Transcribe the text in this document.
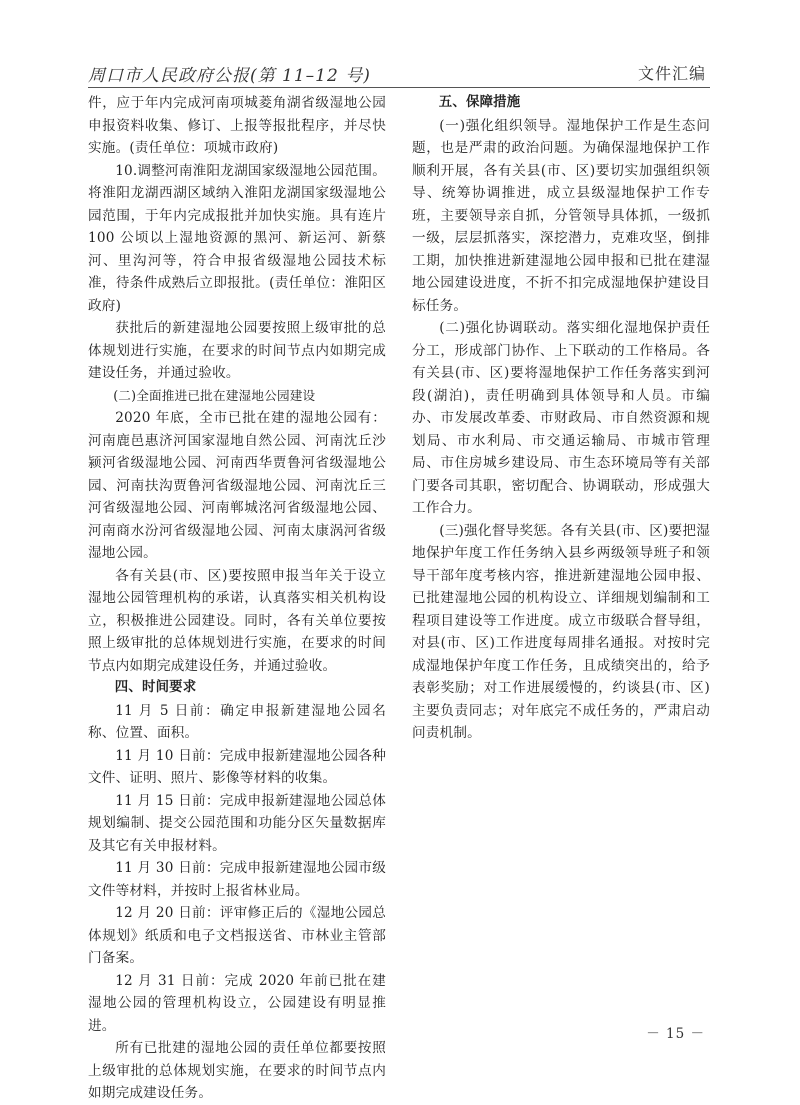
周口市人民政府公报(第 11–12 号)	文件汇编

件，应于年内完成河南项城菱角湖省级湿地公园申报资料收集、修订、上报等报批程序，并尽快实施。(责任单位：项城市政府)

10.调整河南淮阳龙湖国家级湿地公园范围。将淮阳龙湖西湖区域纳入淮阳龙湖国家级湿地公园范围，于年内完成报批并加快实施。具有连片 100 公顷以上湿地资源的黑河、新运河、新蔡河、里沟河等，符合申报省级湿地公园技术标准，待条件成熟后立即报批。(责任单位：淮阳区政府)

获批后的新建湿地公园要按照上级审批的总体规划进行实施，在要求的时间节点内如期完成建设任务，并通过验收。

(二)全面推进已批在建湿地公园建设

2020 年底，全市已批在建的湿地公园有：河南鹿邑惠济河国家湿地自然公园、河南沈丘沙颍河省级湿地公园、河南西华贾鲁河省级湿地公园、河南扶沟贾鲁河省级湿地公园、河南沈丘三河省级湿地公园、河南郸城洺河省级湿地公园、河南商水汾河省级湿地公园、河南太康涡河省级湿地公园。

各有关县(市、区)要按照申报当年关于设立湿地公园管理机构的承诺，认真落实相关机构设立，积极推进公园建设。同时，各有关单位要按照上级审批的总体规划进行实施，在要求的时间节点内如期完成建设任务，并通过验收。

四、时间要求

11 月 5 日前：确定申报新建湿地公园名称、位置、面积。

11 月 10 日前：完成申报新建湿地公园各种文件、证明、照片、影像等材料的收集。

11 月 15 日前：完成申报新建湿地公园总体规划编制、提交公园范围和功能分区矢量数据库及其它有关申报材料。

11 月 30 日前：完成申报新建湿地公园市级文件等材料，并按时上报省林业局。

12 月 20 日前：评审修正后的《湿地公园总体规划》纸质和电子文档报送省、市林业主管部门备案。

12 月 31 日前：完成 2020 年前已批在建湿地公园的管理机构设立，公园建设有明显推进。

所有已批建的湿地公园的责任单位都要按照上级审批的总体规划实施，在要求的时间节点内如期完成建设任务。

五、保障措施

(一)强化组织领导。湿地保护工作是生态问题，也是严肃的政治问题。为确保湿地保护工作顺利开展，各有关县(市、区)要切实加强组织领导、统筹协调推进，成立县级湿地保护工作专班，主要领导亲自抓，分管领导具体抓，一级抓一级，层层抓落实，深挖潜力，克难攻坚，倒排工期，加快推进新建湿地公园申报和已批在建湿地公园建设进度，不折不扣完成湿地保护建设目标任务。

(二)强化协调联动。落实细化湿地保护责任分工，形成部门协作、上下联动的工作格局。各有关县(市、区)要将湿地保护工作任务落实到河段(湖泊)，责任明确到具体领导和人员。市编办、市发展改革委、市财政局、市自然资源和规划局、市水利局、市交通运输局、市城市管理局、市住房城乡建设局、市生态环境局等有关部门要各司其职，密切配合、协调联动，形成强大工作合力。

(三)强化督导奖惩。各有关县(市、区)要把湿地保护年度工作任务纳入县乡两级领导班子和领导干部年度考核内容，推进新建湿地公园申报、已批建湿地公园的机构设立、详细规划编制和工程项目建设等工作进度。成立市级联合督导组，对县(市、区)工作进度每周排名通报。对按时完成湿地保护年度工作任务，且成绩突出的，给予表彰奖励；对工作进展缓慢的，约谈县(市、区)主要负责同志；对年底完不成任务的，严肃启动问责机制。

－ 15 －
